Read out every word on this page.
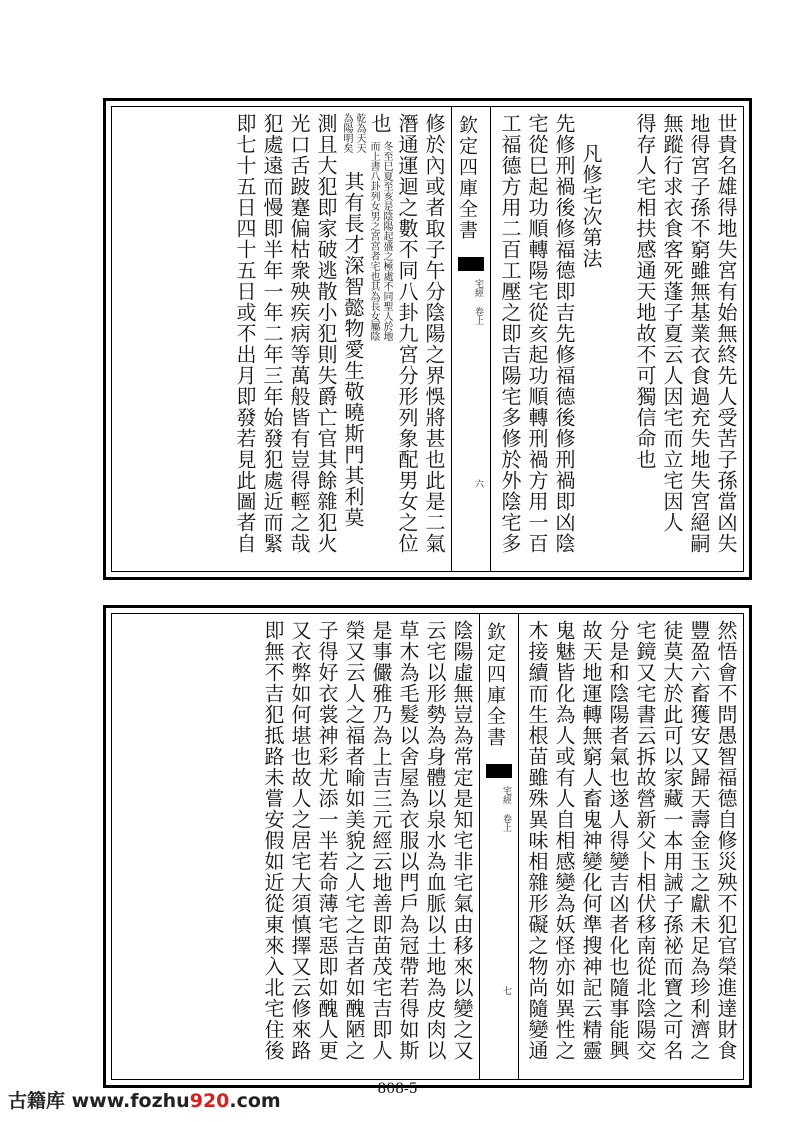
世貴名雄得地失宮有始無終先人受苦子孫當凶失
地得宮子孫不窮雖無基業衣食過充失地失宮絕嗣
無蹤行求衣食客死蓬子夏云人因宅而立宅因人
得存人宅相扶感通天地故不可獨信命也
凡修宅次第法
先修刑禍後修福德即吉先修福德後修刑禍即凶陰
宅從巳起功順轉陽宅從亥起功順轉刑禍方用一百
工福德方用二百工壓之即吉陽宅多修於外陰宅多
欽定四庫全書
宅經
卷上
六
修於內或者取子午分陰陽之界悞將甚也此是二氣
潛通運迴之數不同八卦九宮分形列象配男女之位
也
冬至巳夏至亥是陰陽起盛之極處不同聖人於地
而上書八卦列女男之宮宮者宅也其為長女屬陰
乾為天天
為陽明矣
其有長才深智懿物愛生敬曉斯門其利莫
測且大犯即家破逃散小犯則失爵亡官其餘雜犯火
光口舌跛蹇偏枯衆殃疾病等萬般皆有豈得輕之哉
犯處遠而慢即半年一年二年三年始發犯處近而緊
即七十五日四十五日或不出月即發若見此圖者自
然悟會不問愚智福德自修災殃不犯官榮進達財食
豐盈六畜獲安又歸天壽金玉之獻未足為珍利濟之
徒莫大於此可以家藏一本用誡子孫祕而寶之可名
宅鏡又宅書云拆故營新父卜相伏移南從北陰陽交
分是和陰陽者氣也遂人得變吉凶者化也隨事能興
故天地運轉無窮人畜鬼神變化何準搜神記云精靈
鬼魅皆化為人或有人自相感變為妖怪亦如異性之
木接續而生根苗雖殊異味相雜形礙之物尚隨變通
欽定四庫全書
宅經
卷上
七
陰陽虛無豈為常定是知宅非宅氣由移來以變之又
云宅以形勢為身體以泉水為血脈以土地為皮肉以
草木為毛髮以舍屋為衣服以門戶為冠帶若得如斯
是事儼雅乃為上吉三元經云地善即苗茂宅吉即人
榮又云人之福者喻如美貌之人宅之吉者如醜陋之
子得好衣裳神彩尤添一半若命薄宅惡即如醜人更
又衣弊如何堪也故人之居宅大須慎擇又云修來路
即無不吉犯抵路未嘗安假如近從東來入北宅住後
808-5
古籍库 www.fozhu920.com
